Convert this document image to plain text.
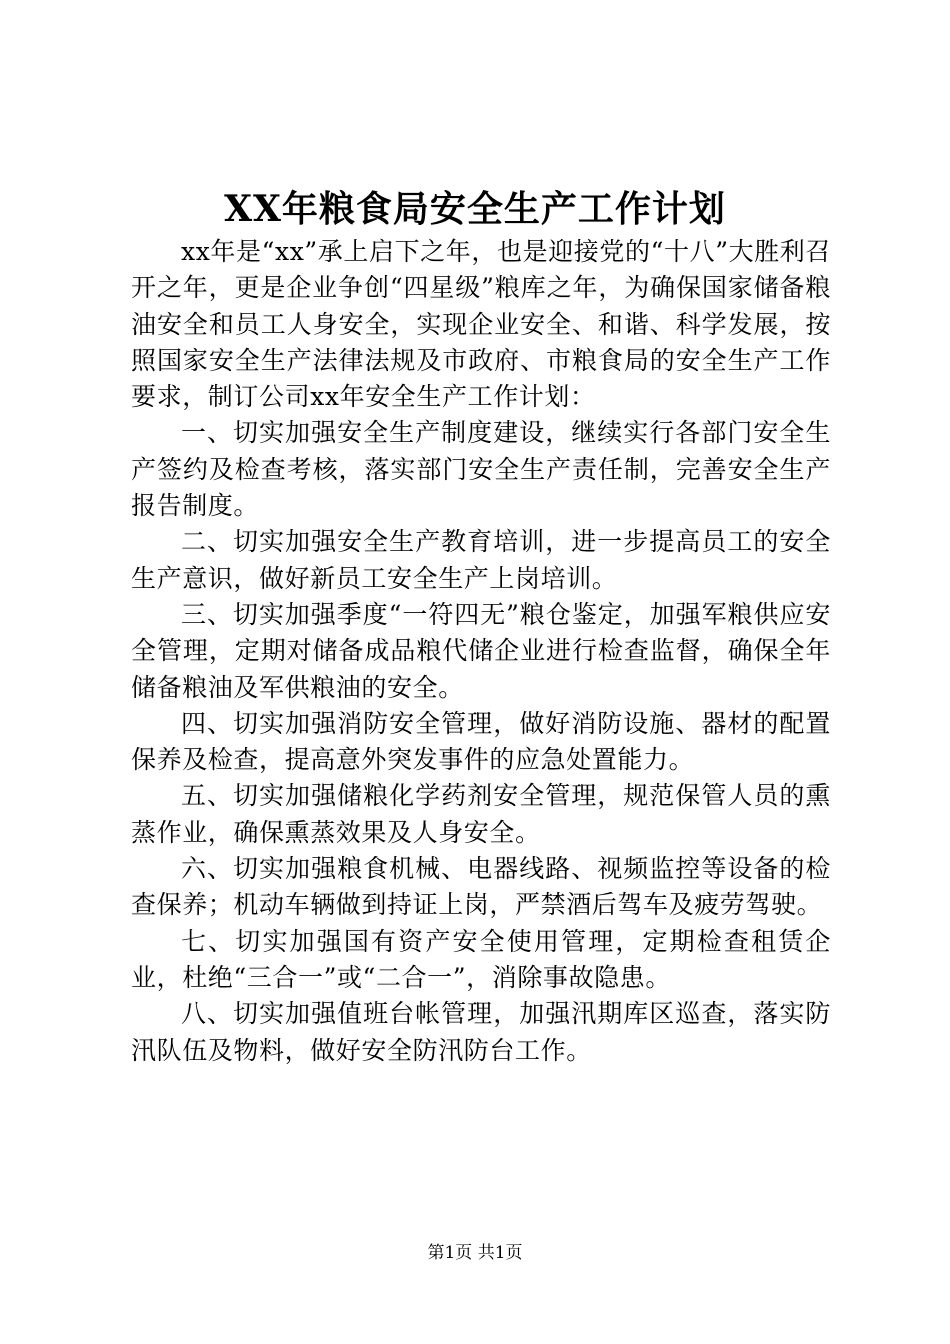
XX年粮食局安全生产工作计划

xx年是“xx”承上启下之年，也是迎接党的“十八”大胜利召开之年，更是企业争创“四星级”粮库之年，为确保国家储备粮油安全和员工人身安全，实现企业安全、和谐、科学发展，按照国家安全生产法律法规及市政府、市粮食局的安全生产工作要求，制订公司xx年安全生产工作计划：

一、切实加强安全生产制度建设，继续实行各部门安全生产签约及检查考核，落实部门安全生产责任制，完善安全生产报告制度。

二、切实加强安全生产教育培训，进一步提高员工的安全生产意识，做好新员工安全生产上岗培训。

三、切实加强季度“一符四无”粮仓鉴定，加强军粮供应安全管理，定期对储备成品粮代储企业进行检查监督，确保全年储备粮油及军供粮油的安全。

四、切实加强消防安全管理，做好消防设施、器材的配置保养及检查，提高意外突发事件的应急处置能力。

五、切实加强储粮化学药剂安全管理，规范保管人员的熏蒸作业，确保熏蒸效果及人身安全。

六、切实加强粮食机械、电器线路、视频监控等设备的检查保养；机动车辆做到持证上岗，严禁酒后驾车及疲劳驾驶。

七、切实加强国有资产安全使用管理，定期检查租赁企业，杜绝“三合一”或“二合一”，消除事故隐患。

八、切实加强值班台帐管理，加强汛期库区巡查，落实防汛队伍及物料，做好安全防汛防台工作。

第1页 共1页
